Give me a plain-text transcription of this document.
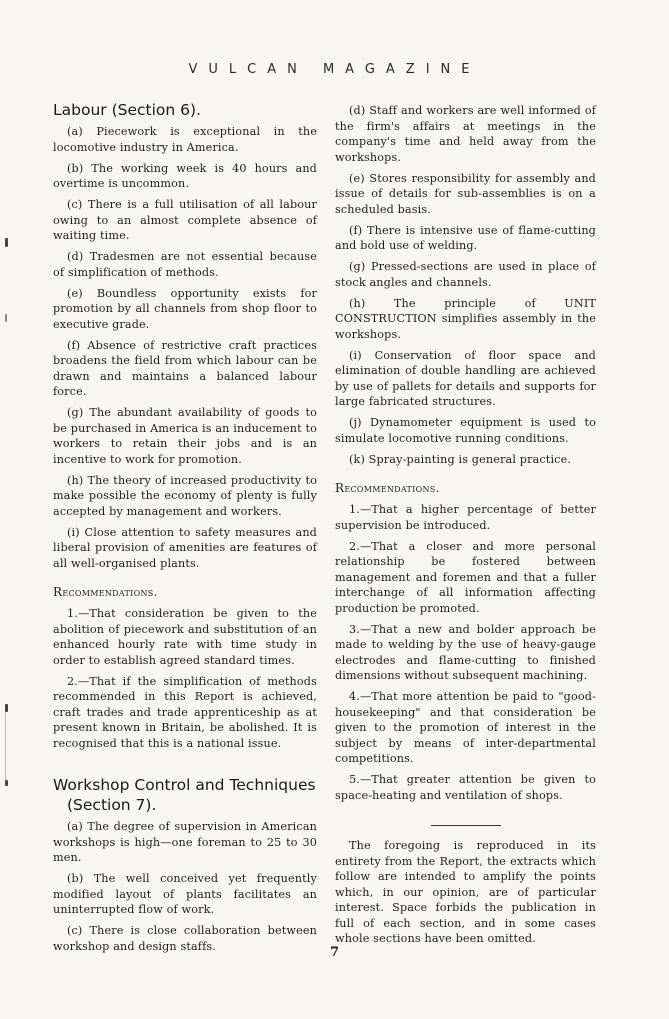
VULCAN MAGAZINE
Labour (Section 6).

(a) Piecework is exceptional in the locomotive industry in America.

(b) The working week is 40 hours and overtime is uncommon.

(c) There is a full utilisation of all labour owing to an almost complete absence of waiting time.

(d) Tradesmen are not essential because of simplification of methods.

(e) Boundless opportunity exists for promotion by all channels from shop floor to executive grade.

(f) Absence of restrictive craft practices broadens the field from which labour can be drawn and maintains a balanced labour force.

(g) The abundant availability of goods to be purchased in America is an inducement to workers to retain their jobs and is an incentive to work for promotion.

(h) The theory of increased productivity to make possible the economy of plenty is fully accepted by management and workers.

(i) Close attention to safety measures and liberal provision of amenities are features of all well-organised plants.

Recommendations.

1.—That consideration be given to the abolition of piecework and substitution of an enhanced hourly rate with time study in order to establish agreed standard times.

2.—That if the simplification of methods recommended in this Report is achieved, craft trades and trade apprenticeship as at present known in Britain, be abolished. It is recognised that this is a national issue.

Workshop Control and Techniques
(Section 7).

(a) The degree of supervision in American workshops is high—one foreman to 25 to 30 men.

(b) The well conceived yet frequently modified layout of plants facilitates an uninterrupted flow of work.

(c) There is close collaboration between workshop and design staffs.

(d) Staff and workers are well informed of the firm's affairs at meetings in the company's time and held away from the workshops.

(e) Stores responsibility for assembly and issue of details for sub-assemblies is on a scheduled basis.

(f) There is intensive use of flame-cutting and bold use of welding.

(g) Pressed-sections are used in place of stock angles and channels.

(h) The principle of UNIT CONSTRUCTION simplifies assembly in the workshops.

(i) Conservation of floor space and elimination of double handling are achieved by use of pallets for details and supports for large fabricated structures.

(j) Dynamometer equipment is used to simulate locomotive running conditions.

(k) Spray-painting is general practice.

Recommendations.

1.—That a higher percentage of better supervision be introduced.

2.—That a closer and more personal relationship be fostered between management and foremen and that a fuller interchange of all information affecting production be promoted.

3.—That a new and bolder approach be made to welding by the use of heavy-gauge electrodes and flame-cutting to finished dimensions without subsequent machining.

4.—That more attention be paid to "good-housekeeping" and that consideration be given to the promotion of interest in the subject by means of inter-departmental competitions.

5.—That greater attention be given to space-heating and ventilation of shops.

The foregoing is reproduced in its entirety from the Report, the extracts which follow are intended to amplify the points which, in our opinion, are of particular interest. Space forbids the publication in full of each section, and in some cases whole sections have been omitted.

7
